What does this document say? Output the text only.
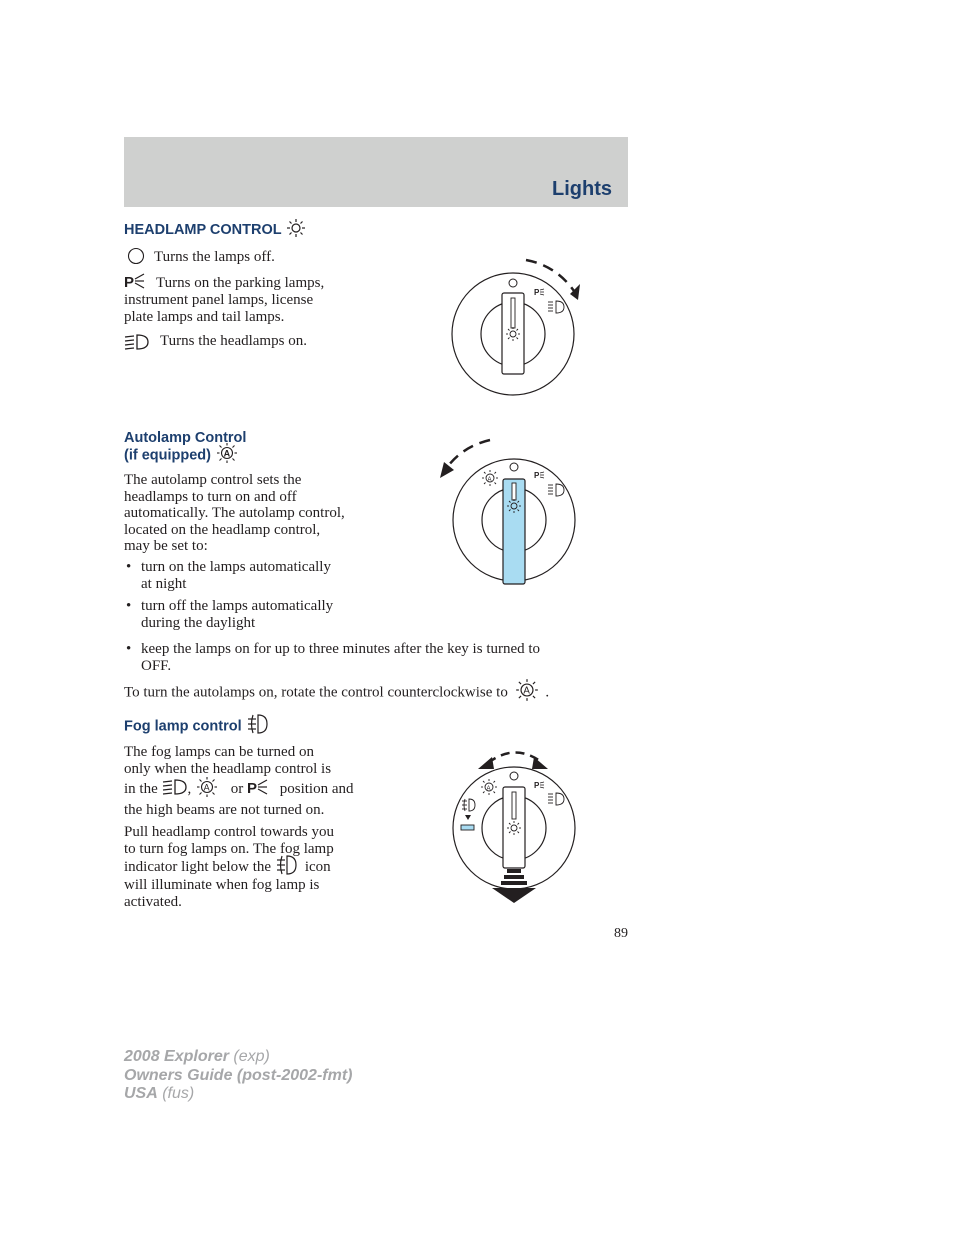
Lights
HEADLAMP CONTROL
Turns the lamps off.
P Turns on the parking lamps,
instrument panel lamps, license
plate lamps and tail lamps.
Turns the headlamps on.
P
Autolamp Control
(if equipped) A
The autolamp control sets the
headlamps to turn on and off
automatically. The autolamp control,
located on the headlamp control,
may be set to:
• turn on the lamps automatically
at night
• turn off the lamps automatically
during the daylight
• keep the lamps on for up to three minutes after the key is turned to
OFF.
To turn the autolamps on, rotate the control counterclockwise to A .
A	P
Fog lamp control
The fog lamps can be turned on
only when the headlamp control is
in the , A or P position and
the high beams are not turned on.
Pull headlamp control towards you
to turn fog lamps on. The fog lamp
indicator light below the icon
will illuminate when fog lamp is
activated.
A	P
89
2008 Explorer (exp)
Owners Guide (post-2002-fmt)
USA (fus)
